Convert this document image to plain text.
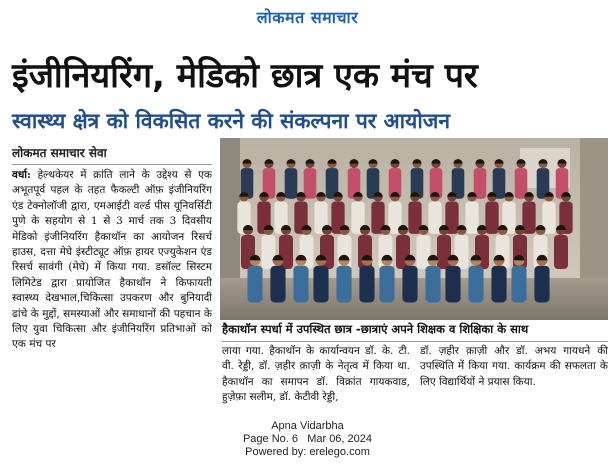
लोकमत समाचार
इंजीनियरिंग, मेडिको छात्र एक मंच पर
स्वास्थ्य क्षेत्र को विकसित करने की संकल्पना पर आयोजन
लोकमत समाचार सेवा
वर्धा: हेल्थकेयर में क्रांति लाने के उद्देश्य से एक अभूतपूर्व पहल के तहत फैकल्टी ऑफ़ इंजीनियरिंग एंड टेक्नोलॉजी द्वारा, एमआईटी वर्ल्ड पीस यूनिवर्सिटी पुणे के सहयोग से 1 से 3 मार्च तक 3 दिवसीय मेडिको इंजीनियरिंग हैकाथॉन का आयोजन रिसर्च हाउस, दत्ता मेघे इंस्टीट्यूट ऑफ़ हायर एज्युकेशन एंड रिसर्च सावंगी (मेघे) में किया गया. डसॉल्ट सिस्टम लिमिटेड द्वारा प्रायोजित हैकाथॉन ने किफायती स्वास्थ्य देखभाल,चिकित्सा उपकरण और बुनियादी ढांचे के मुद्दों, समस्याओं और समाधानों की पहचान के लिए युवा चिकित्सा और इंजीनियरिंग प्रतिभाओं को एक मंच पर
हैकाथॉन स्पर्धा में उपस्थित छात्र -छात्राएं अपने शिक्षक व शिक्षिका के साथ
लाया गया. हैकाथॉन के कार्यान्वयन डॉ. के. टी. वी. रेड्डी, डॉ. ज़हीर क़ाज़ी के नेतृत्व में किया था. हैकाथॉन का समापन डॉ. विक्रांत गायकवाड, हुज़ेफ़ा सलीम, डॉ. केटीवी रेड्डी,
डॉ. ज़हीर क़ाज़ी और डॉ. अभय गायधने की उपस्थिति में किया गया. कार्यक्रम की सफलता के लिए विद्यार्थियों ने प्रयास किया.
Apna Vidarbha
Page No. 6 Mar 06, 2024
Powered by: erelego.com
